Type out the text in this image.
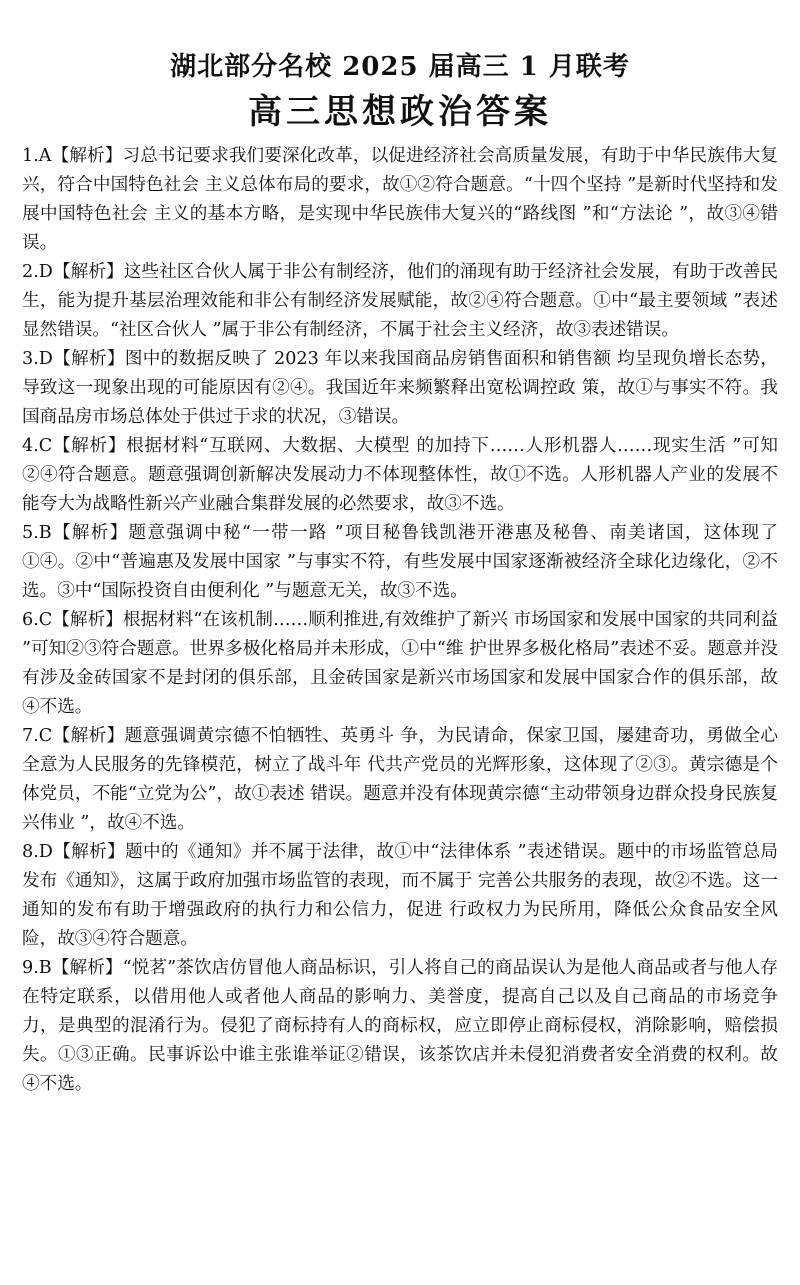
湖北部分名校 2025 届高三 1 月联考
高三思想政治答案

1.A【解析】习总书记要求我们要深化改革，以促进经济社会高质量发展，有助于中华民族伟大复兴，符合中国特色社会 主义总体布局的要求，故①②符合题意。“十四个坚持 ”是新时代坚持和发展中国特色社会 主义的基本方略，是实现中华民族伟大复兴的“路线图 ”和“方法论 ”，故③④错误。

2.D【解析】这些社区合伙人属于非公有制经济，他们的涌现有助于经济社会发展，有助于改善民生，能为提升基层治理效能和非公有制经济发展赋能，故②④符合题意。①中“最主要领域 ”表述显然错误。“社区合伙人 ”属于非公有制经济，不属于社会主义经济，故③表述错误。

3.D【解析】图中的数据反映了 2023 年以来我国商品房销售面积和销售额 均呈现负增长态势，导致这一现象出现的可能原因有②④。我国近年来频繁释出宽松调控政 策，故①与事实不符。我国商品房市场总体处于供过于求的状况，③错误。

4.C【解析】根据材料“互联网、大数据、大模型 的加持下……人形机器人……现实生活 ”可知②④符合题意。题意强调创新解决发展动力不体现整体性，故①不选。人形机器人产业的发展不能夸大为战略性新兴产业融合集群发展的必然要求，故③不选。

5.B【解析】题意强调中秘“一带一路 ”项目秘鲁钱凯港开港惠及秘鲁、南美诸国，这体现了①④。②中“普遍惠及发展中国家 ”与事实不符，有些发展中国家逐渐被经济全球化边缘化，②不 选。③中“国际投资自由便利化 ”与题意无关，故③不选。

6.C【解析】根据材料“在该机制……顺利推进,有效维护了新兴 市场国家和发展中国家的共同利益 ”可知②③符合题意。世界多极化格局并未形成，①中“维 护世界多极化格局”表述不妥。题意并没有涉及金砖国家不是封闭的俱乐部，且金砖国家是新兴市场国家和发展中国家合作的俱乐部，故④不选。

7.C【解析】题意强调黄宗德不怕牺牲、英勇斗 争，为民请命，保家卫国，屡建奇功，勇做全心全意为人民服务的先锋模范，树立了战斗年 代共产党员的光辉形象，这体现了②③。黄宗德是个体党员，不能“立党为公”，故①表述 错误。题意并没有体现黄宗德“主动带领身边群众投身民族复兴伟业 ”，故④不选。

8.D【解析】题中的《通知》并不属于法律，故①中“法律体系 ”表述错误。题中的市场监管总局发布《通知》，这属于政府加强市场监管的表现，而不属于 完善公共服务的表现，故②不选。这一通知的发布有助于增强政府的执行力和公信力，促进 行政权力为民所用，降低公众食品安全风险，故③④符合题意。

9.B【解析】“悦茗”茶饮店仿冒他人商品标识，引人将自己的商品误认为是他人商品或者与他人存在特定联系，以借用他人或者他人商品的影响力、美誉度，提高自己以及自己商品的市场竞争力，是典型的混淆行为。侵犯了商标持有人的商标权，应立即停止商标侵权，消除影响，赔偿损失。①③正确。民事诉讼中谁主张谁举证②错误，该茶饮店并未侵犯消费者安全消费的权利。故④不选。
